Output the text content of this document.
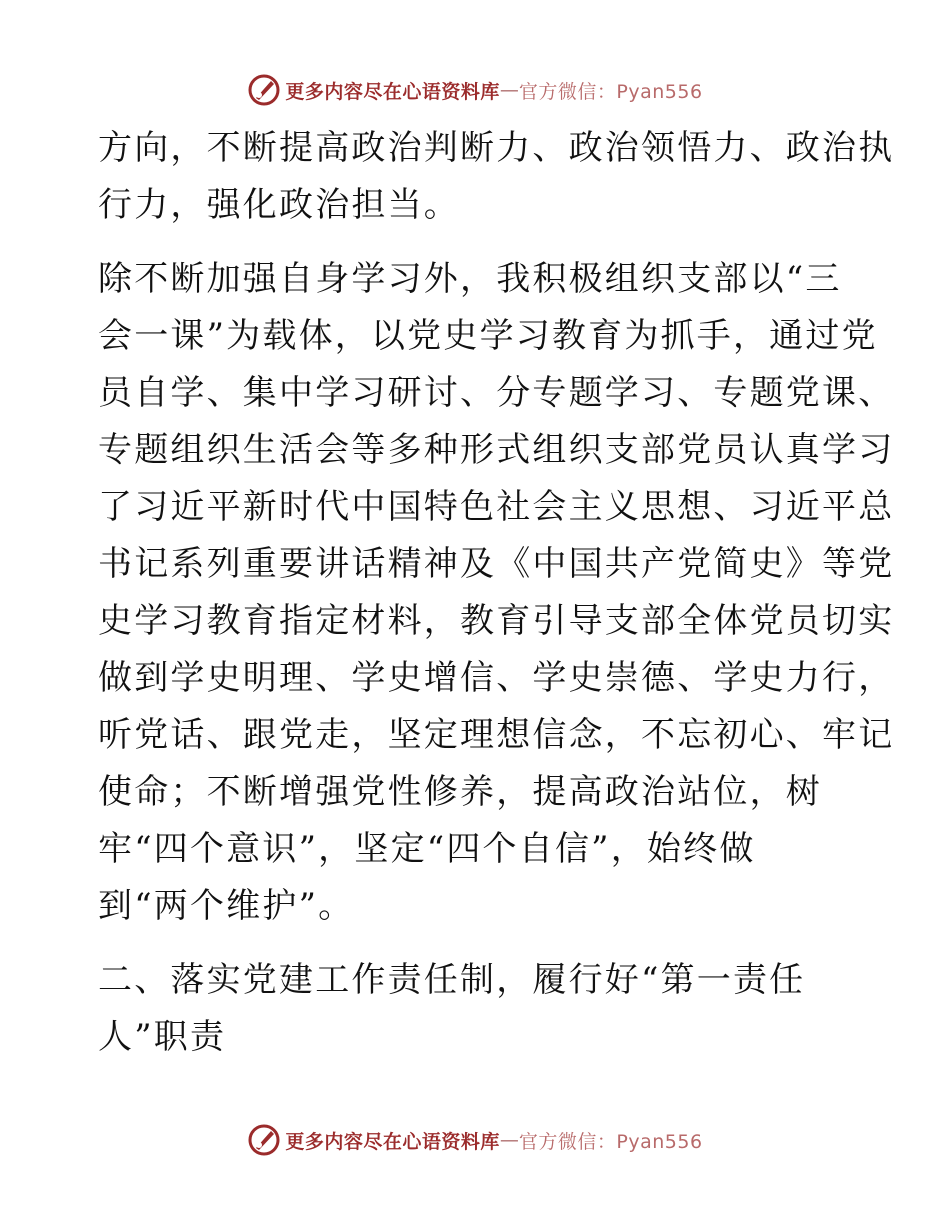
更多内容尽在心语资料库 — 官方微信：Pyan556
方向，不断提高政治判断力、政治领悟力、政治执
行力，强化政治担当。
除不断加强自身学习外，我积极组织支部以“三
会一课”为载体，以党史学习教育为抓手，通过党
员自学、集中学习研讨、分专题学习、专题党课、
专题组织生活会等多种形式组织支部党员认真学习
了习近平新时代中国特色社会主义思想、习近平总
书记系列重要讲话精神及《中国共产党简史》等党
史学习教育指定材料，教育引导支部全体党员切实
做到学史明理、学史增信、学史崇德、学史力行，
听党话、跟党走，坚定理想信念，不忘初心、牢记
使命；不断增强党性修养，提高政治站位，树
牢“四个意识”，坚定“四个自信”，始终做
到“两个维护”。
二、落实党建工作责任制，履行好“第一责任
人”职责
更多内容尽在心语资料库 — 官方微信：Pyan556
